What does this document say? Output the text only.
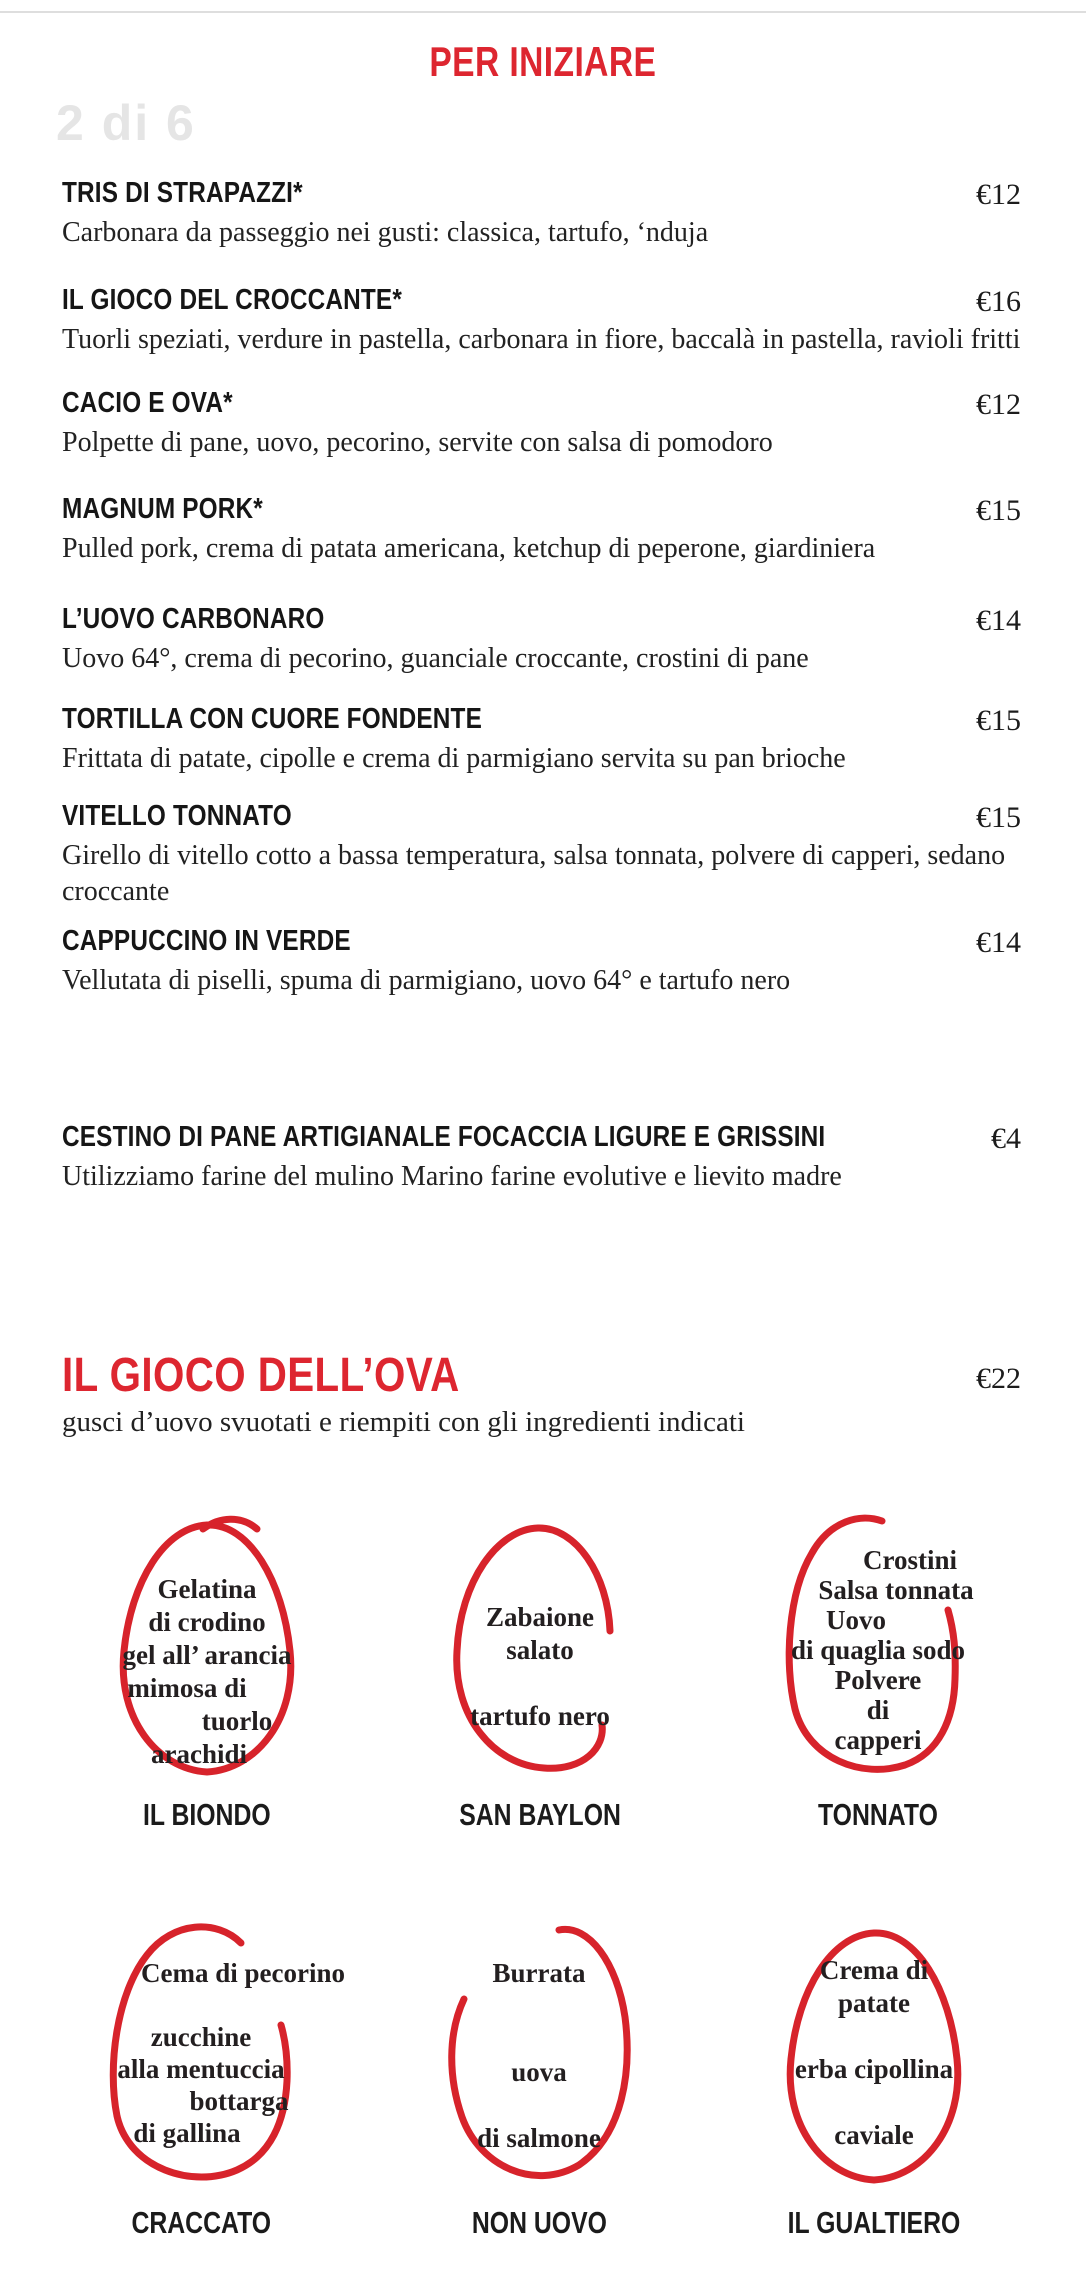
PER INIZIARE
2 di 6
TRIS DI STRAPAZZI*	€12
Carbonara da passeggio nei gusti: classica, tartufo, ‘nduja
IL GIOCO DEL CROCCANTE*	€16
Tuorli speziati, verdure in pastella, carbonara in fiore, baccalà in pastella, ravioli fritti
CACIO E OVA*	€12
Polpette di pane, uovo, pecorino, servite con salsa di pomodoro
MAGNUM PORK*	€15
Pulled pork, crema di patata americana, ketchup di peperone, giardiniera
L’UOVO CARBONARO	€14
Uovo 64°, crema di pecorino, guanciale croccante, crostini di pane
TORTILLA CON CUORE FONDENTE	€15
Frittata di patate, cipolle e crema di parmigiano servita su pan brioche
VITELLO TONNATO	€15
Girello di vitello cotto a bassa temperatura, salsa tonnata, polvere di capperi, sedano croccante
CAPPUCCINO IN VERDE	€14
Vellutata di piselli, spuma di parmigiano, uovo 64° e tartufo nero
CESTINO DI PANE ARTIGIANALE FOCACCIA LIGURE E GRISSINI	€4
Utilizziamo farine del mulino Marino farine evolutive e lievito madre
IL GIOCO DELL’OVA	€22
gusci d’uovo svuotati e riempiti con gli ingredienti indicati
Gelatina
di crodino
gel all’ arancia
mimosa di
tuorlo
arachidi
IL BIONDO
Zabaione
salato
tartufo nero
SAN BAYLON
Crostini
Salsa tonnata
Uovo
di quaglia sodo
Polvere
di
capperi
TONNATO
Cema di pecorino
zucchine
alla mentuccia
bottarga
di gallina
CRACCATO
Burrata
uova
di salmone
NON UOVO
Crema di
patate
erba cipollina
caviale
IL GUALTIERO
